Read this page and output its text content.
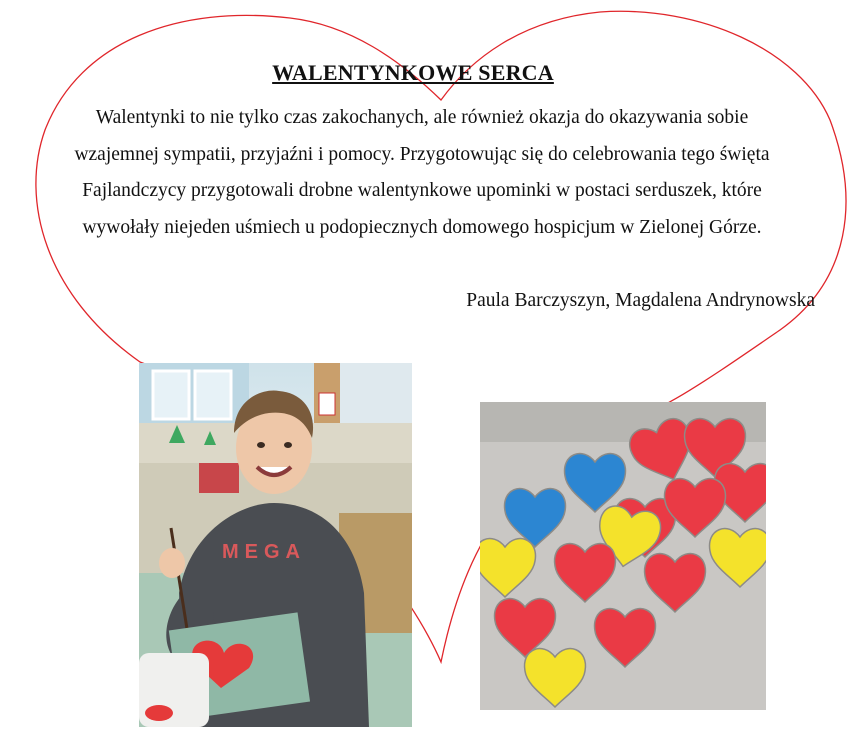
WALENTYNKOWE SERCA

Walentynki to nie tylko czas zakochanych, ale również okazja do okazywania sobie

wzajemnej sympatii, przyjaźni i pomocy. Przygotowując się do celebrowania tego święta

Fajlandczycy przygotowali drobne walentynkowe upominki w postaci serduszek, które

wywołały niejeden uśmiech u podopiecznych domowego hospicjum w Zielonej Górze.

Paula Barczyszyn, Magdalena Andrynowska
MEGA
